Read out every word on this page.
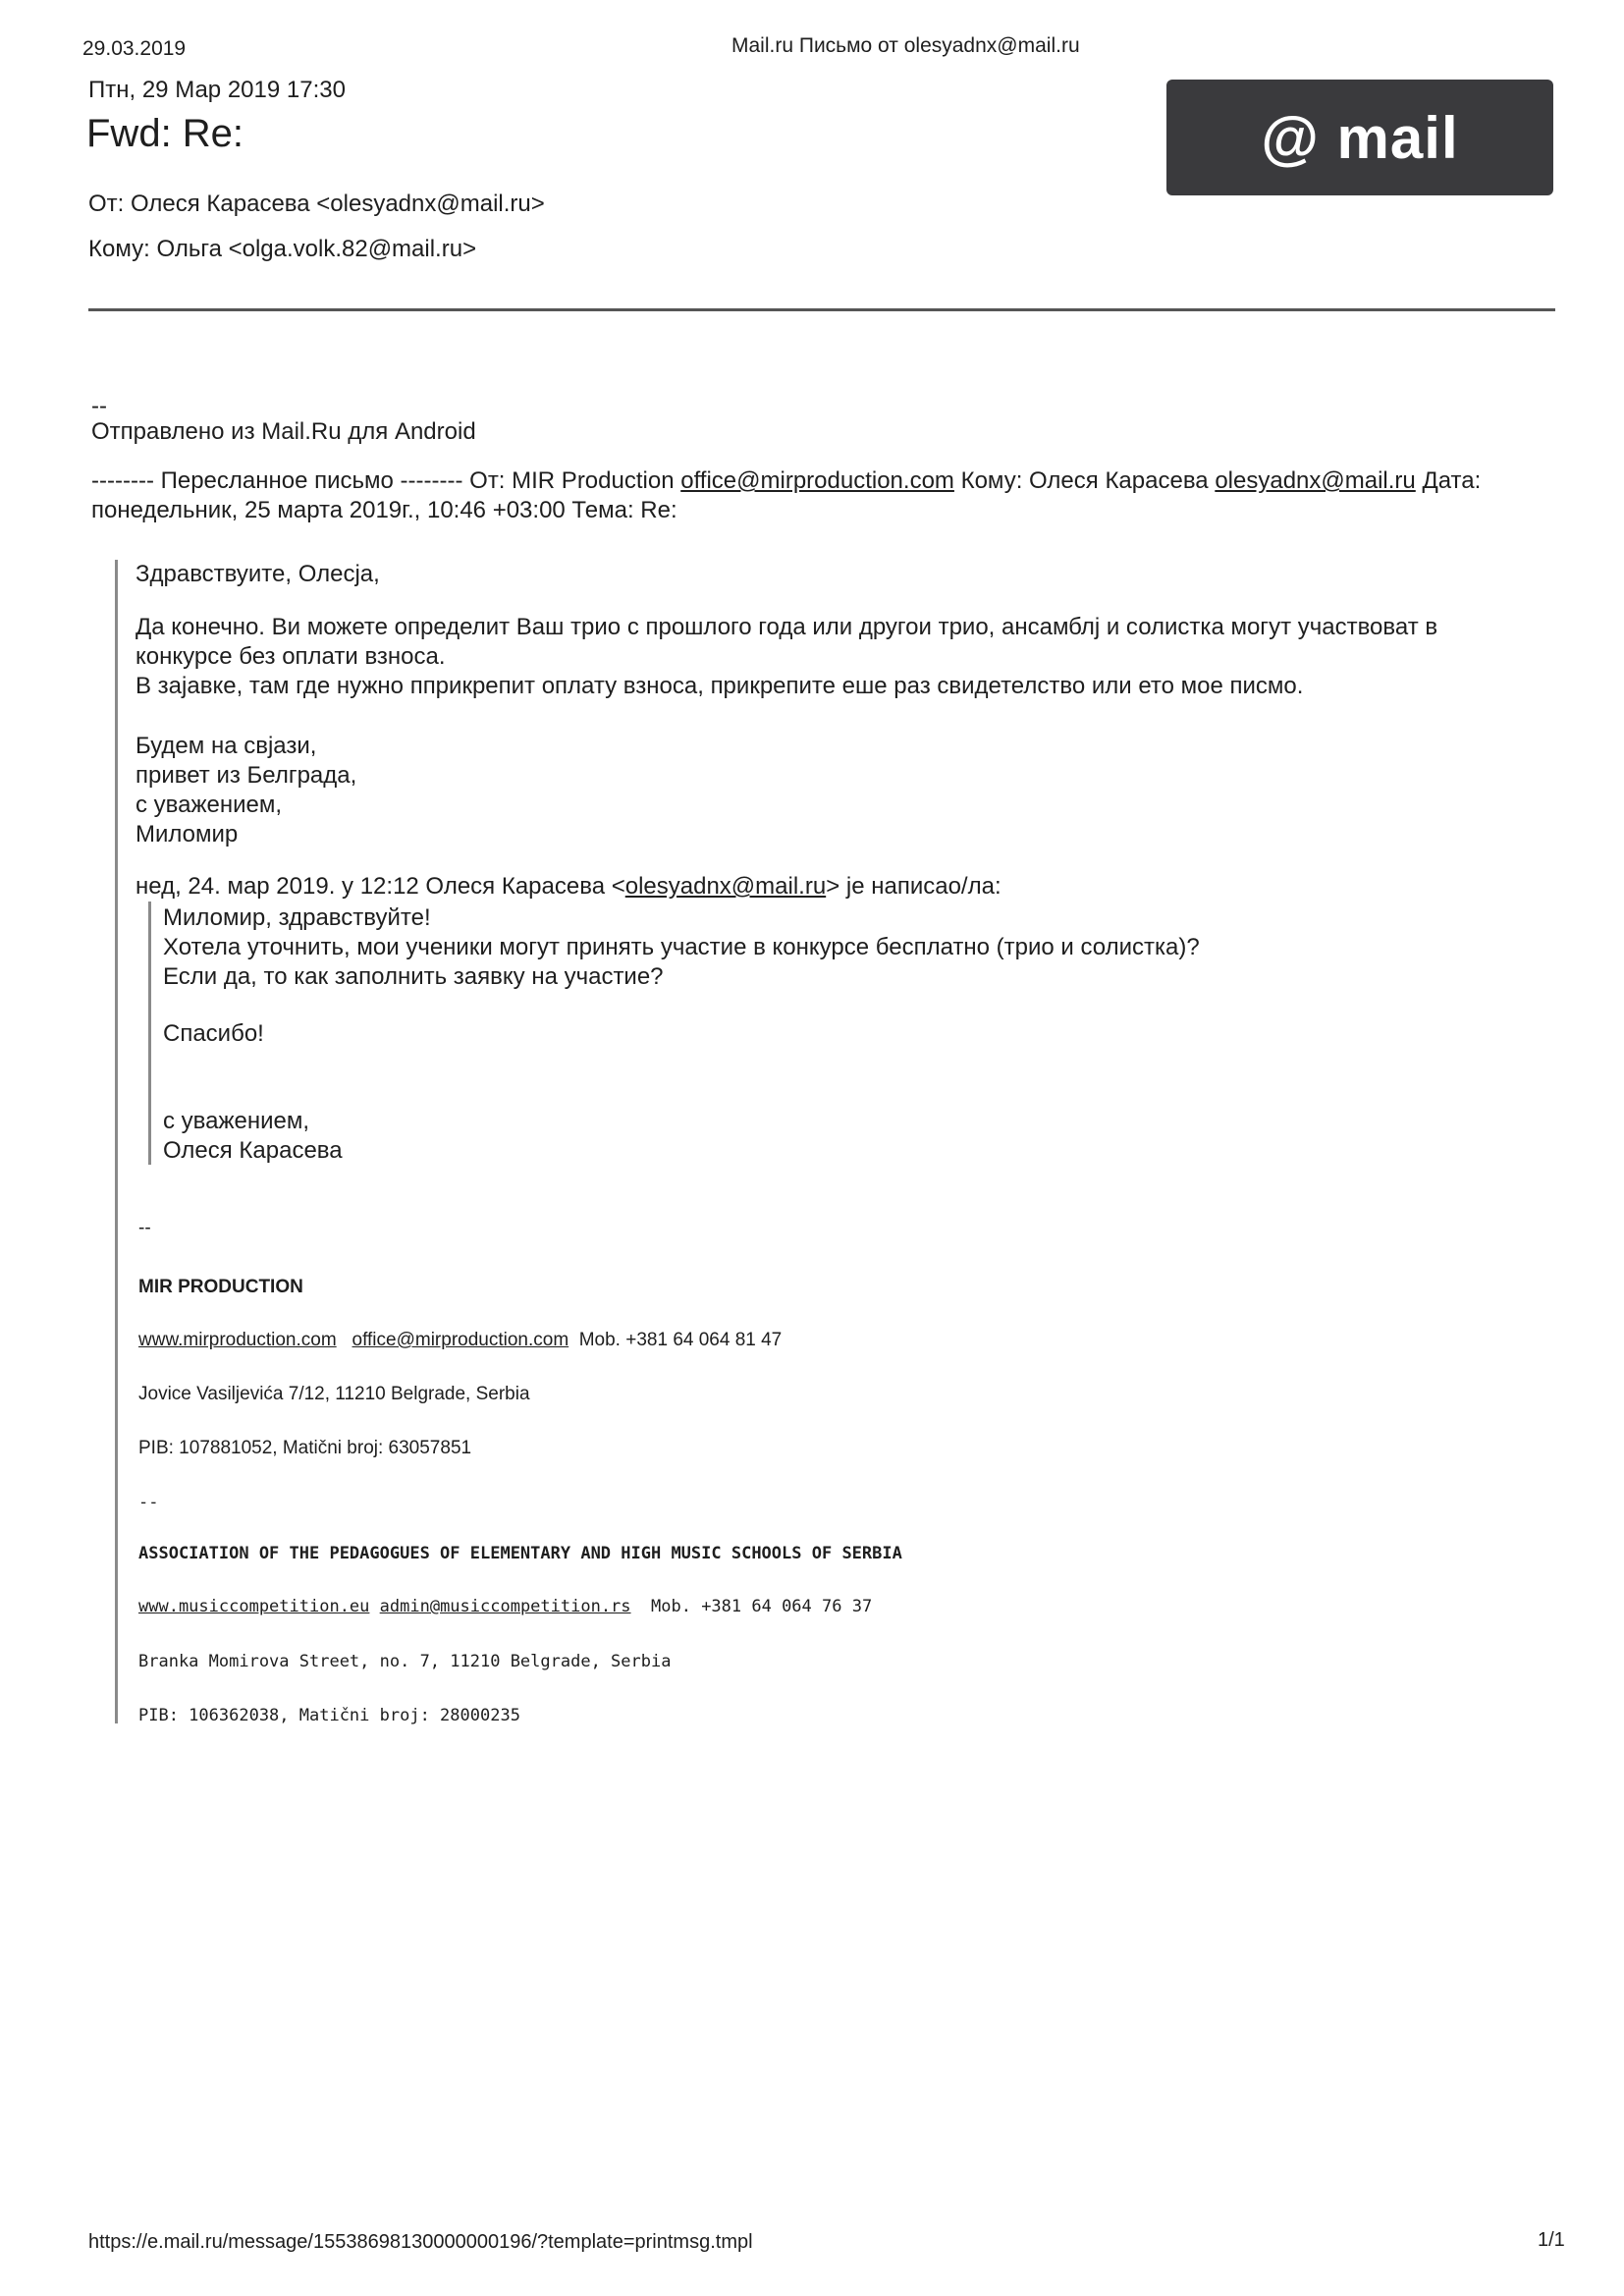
29.03.2019	Mail.ru Письмо от olesyadnx@mail.ru
Птн, 29 Мар 2019 17:30
Fwd: Re:
От: Олеся Карасева <olesyadnx@mail.ru>
Кому: Ольга <olga.volk.82@mail.ru>
@ mail
--
Отправлено из Mail.Ru для Android
-------- Пересланное письмо -------- От: MIR Production office@mirproduction.com Кому: Олеся Карасева olesyadnx@mail.ru Дата: понедельник, 25 марта 2019г., 10:46 +03:00 Тема: Re:
Здравствуите, Олесја,
Да конечно. Ви можете определит Ваш трио с прошлого года или другои трио, ансамблј и солистка могут участвоват в
конкурсе без оплати взноса.
В зајавке, там где нужно пприкрепит оплату взноса, прикрепите еше раз свидетелство или ето мое писмо.
Будем на свјази,
привет из Белграда,
с уважением,
Миломир
нед, 24. мар 2019. у 12:12 Олеся Карасева <olesyadnx@mail.ru> је написао/ла:
Миломир, здравствуйте!
Хотела уточнить, мои ученики могут принять участие в конкурсе бесплатно (трио и солистка)?
Если да, то как заполнить заявку на участие?
Спасибо!
с уважением,
Олеся Карасева
--
MIR PRODUCTION
www.mirproduction.com office@mirproduction.com Mob. +381 64 064 81 47
Jovice Vasiljevića 7/12, 11210 Belgrade, Serbia
PIB: 107881052, Matični broj: 63057851
--
ASSOCIATION OF THE PEDAGOGUES OF ELEMENTARY AND HIGH MUSIC SCHOOLS OF SERBIA
www.musiccompetition.eu admin@musiccompetition.rs Mob. +381 64 064 76 37
Branka Momirova Street, no. 7, 11210 Belgrade, Serbia
PIB: 106362038, Matični broj: 28000235
https://e.mail.ru/message/15538698130000000196/?template=printmsg.tmpl	1/1
